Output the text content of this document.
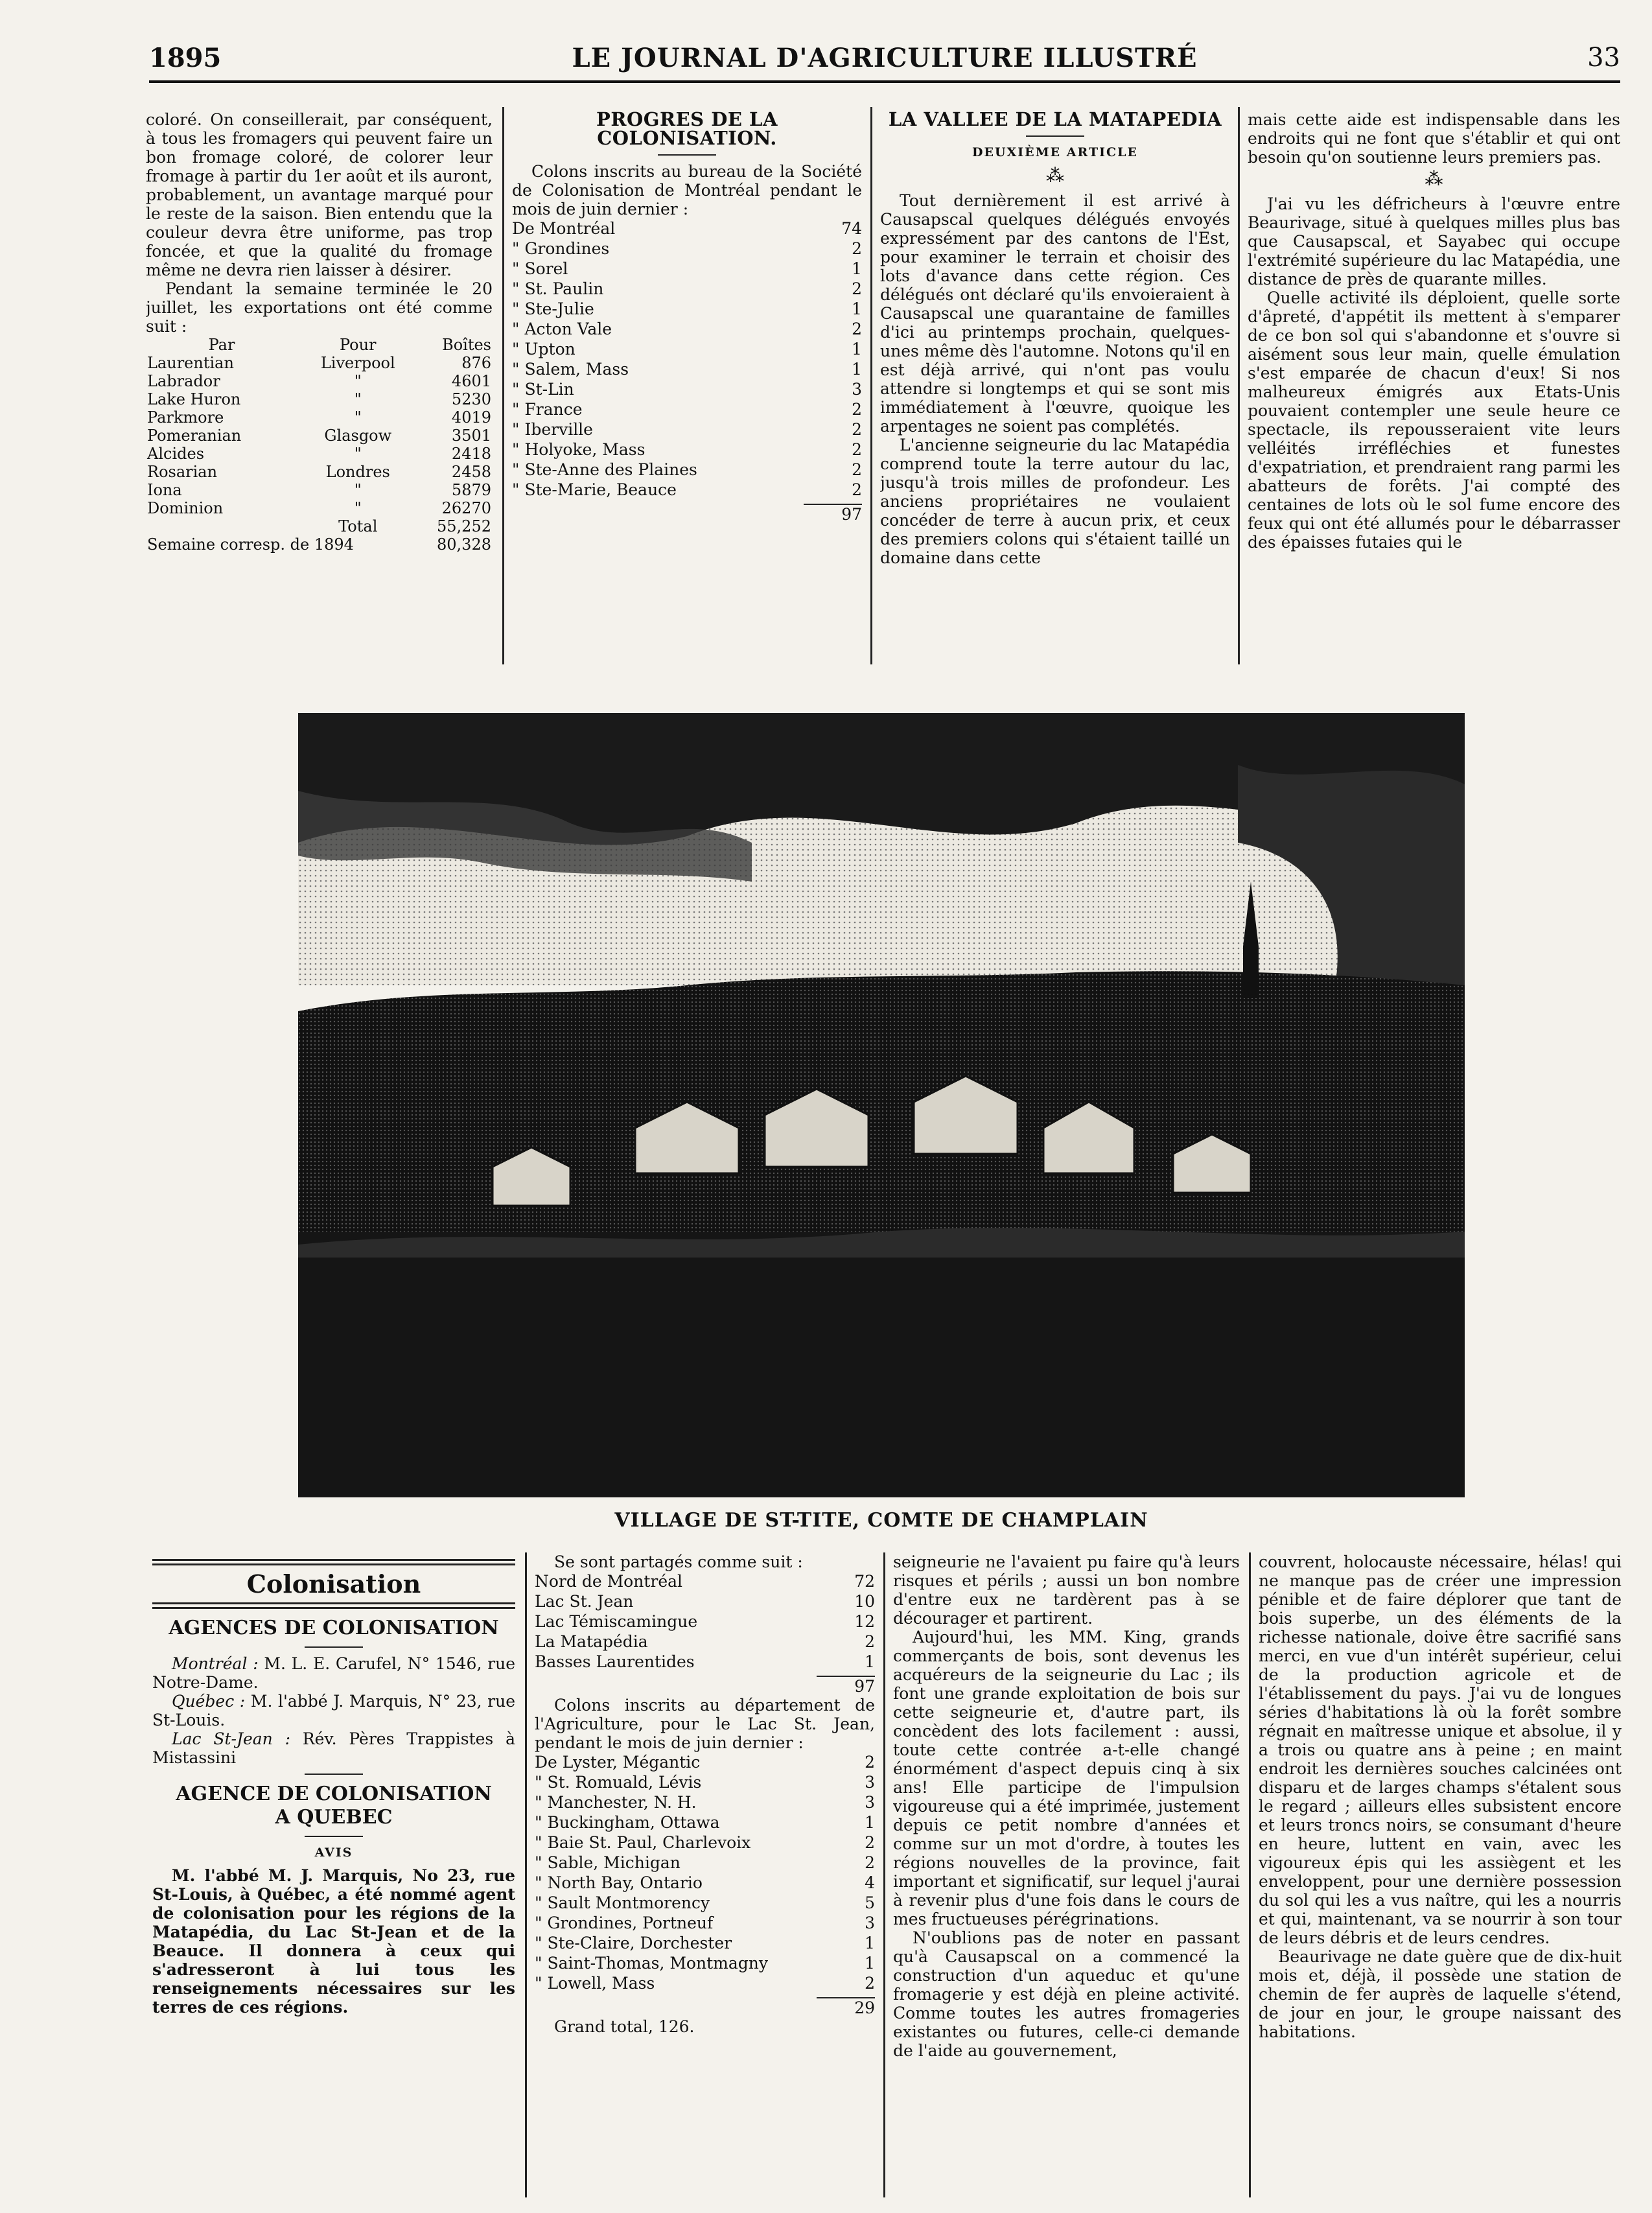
1895	LE JOURNAL D'AGRICULTURE ILLUSTRÉ	33

coloré. On conseillerait, par conséquent, à tous les fromagers qui peuvent faire un bon fromage coloré, de colorer leur fromage à partir du 1er août et ils auront, probablement, un avantage marqué pour le reste de la saison. Bien entendu que la couleur devra être uniforme, pas trop foncée, et que la qualité du fromage même ne devra rien laisser à désirer.

Pendant la semaine terminée le 20 juillet, les exportations ont été comme suit :

Par	Pour	Boîtes
Laurentian	Liverpool	876
Labrador	"	4601
Lake Huron	"	5230
Parkmore	"	4019
Pomeranian	Glasgow	3501
Alcides	"	2418
Rosarian	Londres	2458
Iona	"	5879
Dominion	"	26270
	Total	55,252
Semaine corresp. de 1894		80,328
PROGRES DE LA COLONISATION.

Colons inscrits au bureau de la Société de Colonisation de Montréal pendant le mois de juin dernier :

De Montréal	74
" Grondines	2
" Sorel	1
" St. Paulin	2
" Ste-Julie	1
" Acton Vale	2
" Upton	1
" Salem, Mass	1
" St-Lin	3
" France	2
" Iberville	2
" Holyoke, Mass	2
" Ste-Anne des Plaines	2
" Ste-Marie, Beauce	2
97
LA VALLEE DE LA MATAPEDIA
DEUXIÈME ARTICLE
⁂

Tout dernièrement il est arrivé à Causapscal quelques délégués envoyés expressément par des cantons de l'Est, pour examiner le terrain et choisir des lots d'avance dans cette région. Ces délégués ont déclaré qu'ils envoieraient à Causapscal une quarantaine de familles d'ici au printemps prochain, quelques-unes même dès l'automne. Notons qu'il en est déjà arrivé, qui n'ont pas voulu attendre si longtemps et qui se sont mis immédiatement à l'œuvre, quoique les arpentages ne soient pas complétés.

L'ancienne seigneurie du lac Matapédia comprend toute la terre autour du lac, jusqu'à trois milles de profondeur. Les anciens propriétaires ne voulaient concéder de terre à aucun prix, et ceux des premiers colons qui s'étaient taillé un domaine dans cette

mais cette aide est indispensable dans les endroits qui ne font que s'établir et qui ont besoin qu'on soutienne leurs premiers pas.

⁂

J'ai vu les défricheurs à l'œuvre entre Beaurivage, situé à quelques milles plus bas que Causapscal, et Sayabec qui occupe l'extrémité supérieure du lac Matapédia, une distance de près de quarante milles.

Quelle activité ils déploient, quelle sorte d'âpreté, d'appétit ils mettent à s'emparer de ce bon sol qui s'abandonne et s'ouvre si aisément sous leur main, quelle émulation s'est emparée de chacun d'eux! Si nos malheureux émigrés aux Etats-Unis pouvaient contempler une seule heure ce spectacle, ils repousseraient vite leurs velléités irréfléchies et funestes d'expatriation, et prendraient rang parmi les abatteurs de forêts. J'ai compté des centaines de lots où le sol fume encore des feux qui ont été allumés pour le débarrasser des épaisses futaies qui le

VILLAGE DE ST-TITE, COMTE DE CHAMPLAIN
Colonisation
AGENCES DE COLONISATION

Montréal : M. L. E. Carufel, N° 1546, rue Notre-Dame.

Québec : M. l'abbé J. Marquis, N° 23, rue St-Louis.

Lac St-Jean : Rév. Pères Trappistes à Mistassini

AGENCE DE COLONISATION
A QUEBEC
AVIS

M. l'abbé M. J. Marquis, No 23, rue St-Louis, à Québec, a été nommé agent de colonisation pour les régions de la Matapédia, du Lac St-Jean et de la Beauce. Il donnera à ceux qui s'adresseront à lui tous les renseignements nécessaires sur les terres de ces régions.

Se sont partagés comme suit :

Nord de Montréal	72
Lac St. Jean	10
Lac Témiscamingue	12
La Matapédia	2
Basses Laurentides	1
97

Colons inscrits au département de l'Agriculture, pour le Lac St. Jean, pendant le mois de juin dernier :

De Lyster, Mégantic	2
" St. Romuald, Lévis	3
" Manchester, N. H.	3
" Buckingham, Ottawa	1
" Baie St. Paul, Charlevoix	2
" Sable, Michigan	2
" North Bay, Ontario	4
" Sault Montmorency	5
" Grondines, Portneuf	3
" Ste-Claire, Dorchester	1
" Saint-Thomas, Montmagny	1
" Lowell, Mass	2
29

Grand total, 126.

seigneurie ne l'avaient pu faire qu'à leurs risques et périls ; aussi un bon nombre d'entre eux ne tardèrent pas à se décourager et partirent.

Aujourd'hui, les MM. King, grands commerçants de bois, sont devenus les acquéreurs de la seigneurie du Lac ; ils font une grande exploitation de bois sur cette seigneurie et, d'autre part, ils concèdent des lots facilement : aussi, toute cette contrée a-t-elle changé énormément d'aspect depuis cinq à six ans! Elle participe de l'impulsion vigoureuse qui a été imprimée, justement depuis ce petit nombre d'années et comme sur un mot d'ordre, à toutes les régions nouvelles de la province, fait important et significatif, sur lequel j'aurai à revenir plus d'une fois dans le cours de mes fructueuses pérégrinations.

N'oublions pas de noter en passant qu'à Causapscal on a commencé la construction d'un aqueduc et qu'une fromagerie y est déjà en pleine activité. Comme toutes les autres fromageries existantes ou futures, celle-ci demande de l'aide au gouvernement,

couvrent, holocauste nécessaire, hélas! qui ne manque pas de créer une impression pénible et de faire déplorer que tant de bois superbe, un des éléments de la richesse nationale, doive être sacrifié sans merci, en vue d'un intérêt supérieur, celui de la production agricole et de l'établissement du pays. J'ai vu de longues séries d'habitations là où la forêt sombre régnait en maîtresse unique et absolue, il y a trois ou quatre ans à peine ; en maint endroit les dernières souches calcinées ont disparu et de larges champs s'étalent sous le regard ; ailleurs elles subsistent encore et leurs troncs noirs, se consumant d'heure en heure, luttent en vain, avec les vigoureux épis qui les assiègent et les enveloppent, pour une dernière possession du sol qui les a vus naître, qui les a nourris et qui, maintenant, va se nourrir à son tour de leurs débris et de leurs cendres.

Beaurivage ne date guère que de dix-huit mois et, déjà, il possède une station de chemin de fer auprès de laquelle s'étend, de jour en jour, le groupe naissant des habitations.
